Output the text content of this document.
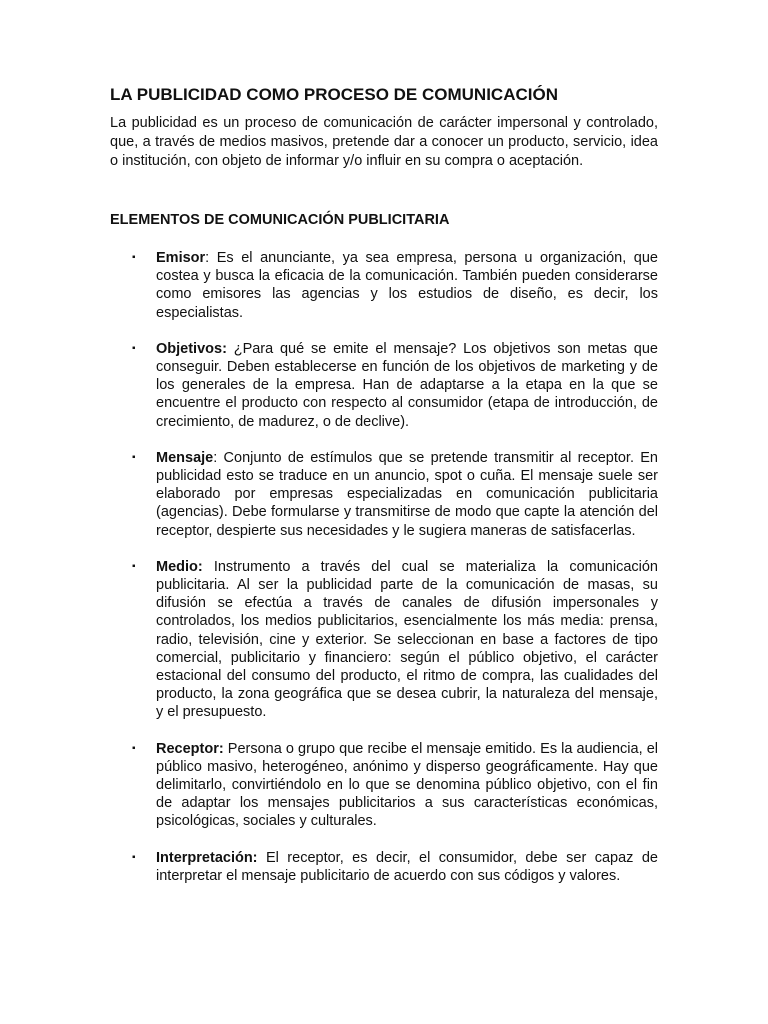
LA PUBLICIDAD COMO PROCESO DE COMUNICACIÓN

La publicidad es un proceso de comunicación de carácter impersonal y controlado, que, a través de medios masivos, pretende dar a conocer un producto, servicio, idea o institución, con objeto de informar y/o influir en su compra o aceptación.

ELEMENTOS DE COMUNICACIÓN PUBLICITARIA
▪ Emisor: Es el anunciante, ya sea empresa, persona u organización, que costea y busca la eficacia de la comunicación. También pueden considerarse como emisores las agencias y los estudios de diseño, es decir, los especialistas.
▪ Objetivos: ¿Para qué se emite el mensaje? Los objetivos son metas que conseguir. Deben establecerse en función de los objetivos de marketing y de los generales de la empresa. Han de adaptarse a la etapa en la que se encuentre el producto con respecto al consumidor (etapa de introducción, de crecimiento, de madurez, o de declive).
▪ Mensaje: Conjunto de estímulos que se pretende transmitir al receptor. En publicidad esto se traduce en un anuncio, spot o cuña. El mensaje suele ser elaborado por empresas especializadas en comunicación publicitaria (agencias). Debe formularse y transmitirse de modo que capte la atención del receptor, despierte sus necesidades y le sugiera maneras de satisfacerlas.
▪ Medio: Instrumento a través del cual se materializa la comunicación publicitaria. Al ser la publicidad parte de la comunicación de masas, su difusión se efectúa a través de canales de difusión impersonales y controlados, los medios publicitarios, esencialmente los más media: prensa, radio, televisión, cine y exterior. Se seleccionan en base a factores de tipo comercial, publicitario y financiero: según el público objetivo, el carácter estacional del consumo del producto, el ritmo de compra, las cualidades del producto, la zona geográfica que se desea cubrir, la naturaleza del mensaje, y el presupuesto.
▪ Receptor: Persona o grupo que recibe el mensaje emitido. Es la audiencia, el público masivo, heterogéneo, anónimo y disperso geográficamente. Hay que delimitarlo, convirtiéndolo en lo que se denomina público objetivo, con el fin de adaptar los mensajes publicitarios a sus características económicas, psicológicas, sociales y culturales.
▪ Interpretación: El receptor, es decir, el consumidor, debe ser capaz de interpretar el mensaje publicitario de acuerdo con sus códigos y valores.
